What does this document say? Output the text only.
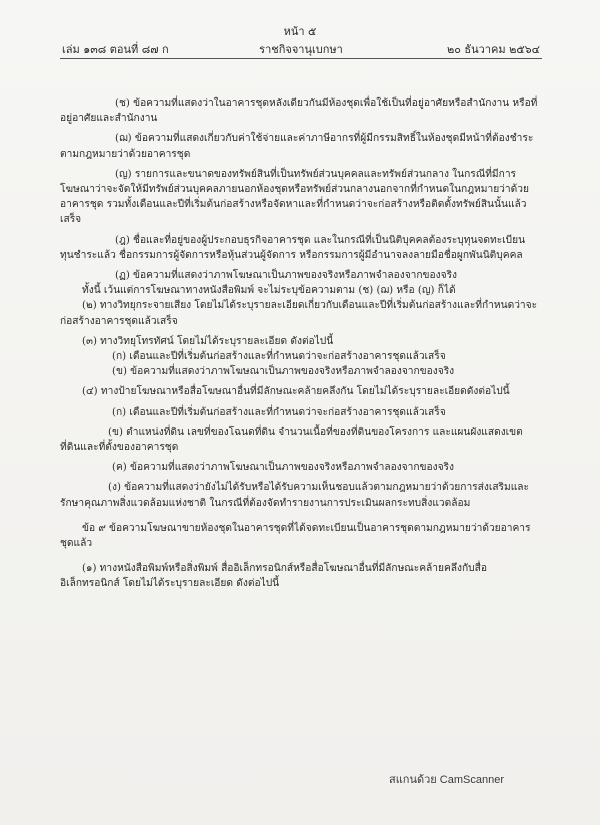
หน้า ๕
เล่ม ๑๓๘ ตอนที่ ๘๗ ก	ราชกิจจานุเบกษา	๒๐ ธันวาคม ๒๕๖๔

(ช) ข้อความที่แสดงว่าในอาคารชุดหลังเดียวกันมีห้องชุดเพื่อใช้เป็นที่อยู่อาศัยหรือสำนักงาน หรือที่อยู่อาศัยและสำนักงาน

(ฌ) ข้อความที่แสดงเกี่ยวกับค่าใช้จ่ายและค่าภาษีอากรที่ผู้มีกรรมสิทธิ์ในห้องชุดมีหน้าที่ต้องชำระตามกฎหมายว่าด้วยอาคารชุด

(ญ) รายการและขนาดของทรัพย์สินที่เป็นทรัพย์ส่วนบุคคลและทรัพย์ส่วนกลาง ในกรณีที่มีการโฆษณาว่าจะจัดให้มีทรัพย์ส่วนบุคคลภายนอกห้องชุดหรือทรัพย์ส่วนกลางนอกจากที่กำหนดในกฎหมายว่าด้วยอาคารชุด รวมทั้งเดือนและปีที่เริ่มต้นก่อสร้างหรือจัดหาและที่กำหนดว่าจะก่อสร้างหรือติดตั้งทรัพย์สินนั้นแล้วเสร็จ

(ฎ) ชื่อและที่อยู่ของผู้ประกอบธุรกิจอาคารชุด และในกรณีที่เป็นนิติบุคคลต้องระบุทุนจดทะเบียน ทุนชำระแล้ว ชื่อกรรมการผู้จัดการหรือหุ้นส่วนผู้จัดการ หรือกรรมการผู้มีอำนาจลงลายมือชื่อผูกพันนิติบุคคล

(ฏ) ข้อความที่แสดงว่าภาพโฆษณาเป็นภาพของจริงหรือภาพจำลองจากของจริง

ทั้งนี้ เว้นแต่การโฆษณาทางหนังสือพิมพ์ จะไม่ระบุข้อความตาม (ช) (ฌ) หรือ (ญ) ก็ได้

(๒) ทางวิทยุกระจายเสียง โดยไม่ได้ระบุรายละเอียดเกี่ยวกับเดือนและปีที่เริ่มต้นก่อสร้างและที่กำหนดว่าจะก่อสร้างอาคารชุดแล้วเสร็จ

(๓) ทางวิทยุโทรทัศน์ โดยไม่ได้ระบุรายละเอียด ดังต่อไปนี้

(ก) เดือนและปีที่เริ่มต้นก่อสร้างและที่กำหนดว่าจะก่อสร้างอาคารชุดแล้วเสร็จ

(ข) ข้อความที่แสดงว่าภาพโฆษณาเป็นภาพของจริงหรือภาพจำลองจากของจริง

(๔) ทางป้ายโฆษณาหรือสื่อโฆษณาอื่นที่มีลักษณะคล้ายคลึงกัน โดยไม่ได้ระบุรายละเอียดดังต่อไปนี้

(ก) เดือนและปีที่เริ่มต้นก่อสร้างและที่กำหนดว่าจะก่อสร้างอาคารชุดแล้วเสร็จ

(ข) ตำแหน่งที่ดิน เลขที่ของโฉนดที่ดิน จำนวนเนื้อที่ของที่ดินของโครงการ และแผนผังแสดงเขตที่ดินและที่ตั้งของอาคารชุด

(ค) ข้อความที่แสดงว่าภาพโฆษณาเป็นภาพของจริงหรือภาพจำลองจากของจริง

(ง) ข้อความที่แสดงว่ายังไม่ได้รับหรือได้รับความเห็นชอบแล้วตามกฎหมายว่าด้วยการส่งเสริมและรักษาคุณภาพสิ่งแวดล้อมแห่งชาติ ในกรณีที่ต้องจัดทำรายงานการประเมินผลกระทบสิ่งแวดล้อม

ข้อ ๙ ข้อความโฆษณาขายห้องชุดในอาคารชุดที่ได้จดทะเบียนเป็นอาคารชุดตามกฎหมายว่าด้วยอาคารชุดแล้ว

(๑) ทางหนังสือพิมพ์หรือสิ่งพิมพ์ สื่ออิเล็กทรอนิกส์หรือสื่อโฆษณาอื่นที่มีลักษณะคล้ายคลึงกับสื่ออิเล็กทรอนิกส์ โดยไม่ได้ระบุรายละเอียด ดังต่อไปนี้

สแกนด้วย CamScanner
